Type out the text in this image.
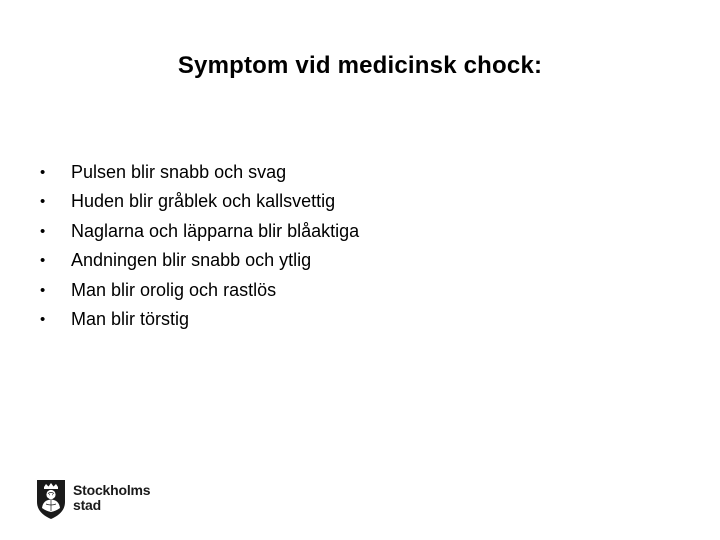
Symptom vid medicinsk chock:
•	Pulsen blir snabb och svag
•	Huden blir gråblek och kallsvettig
•	Naglarna och läpparna blir blåaktiga
•	Andningen blir snabb och ytlig
•	Man blir orolig och rastlös
•	Man blir törstig
Stockholms
stad
